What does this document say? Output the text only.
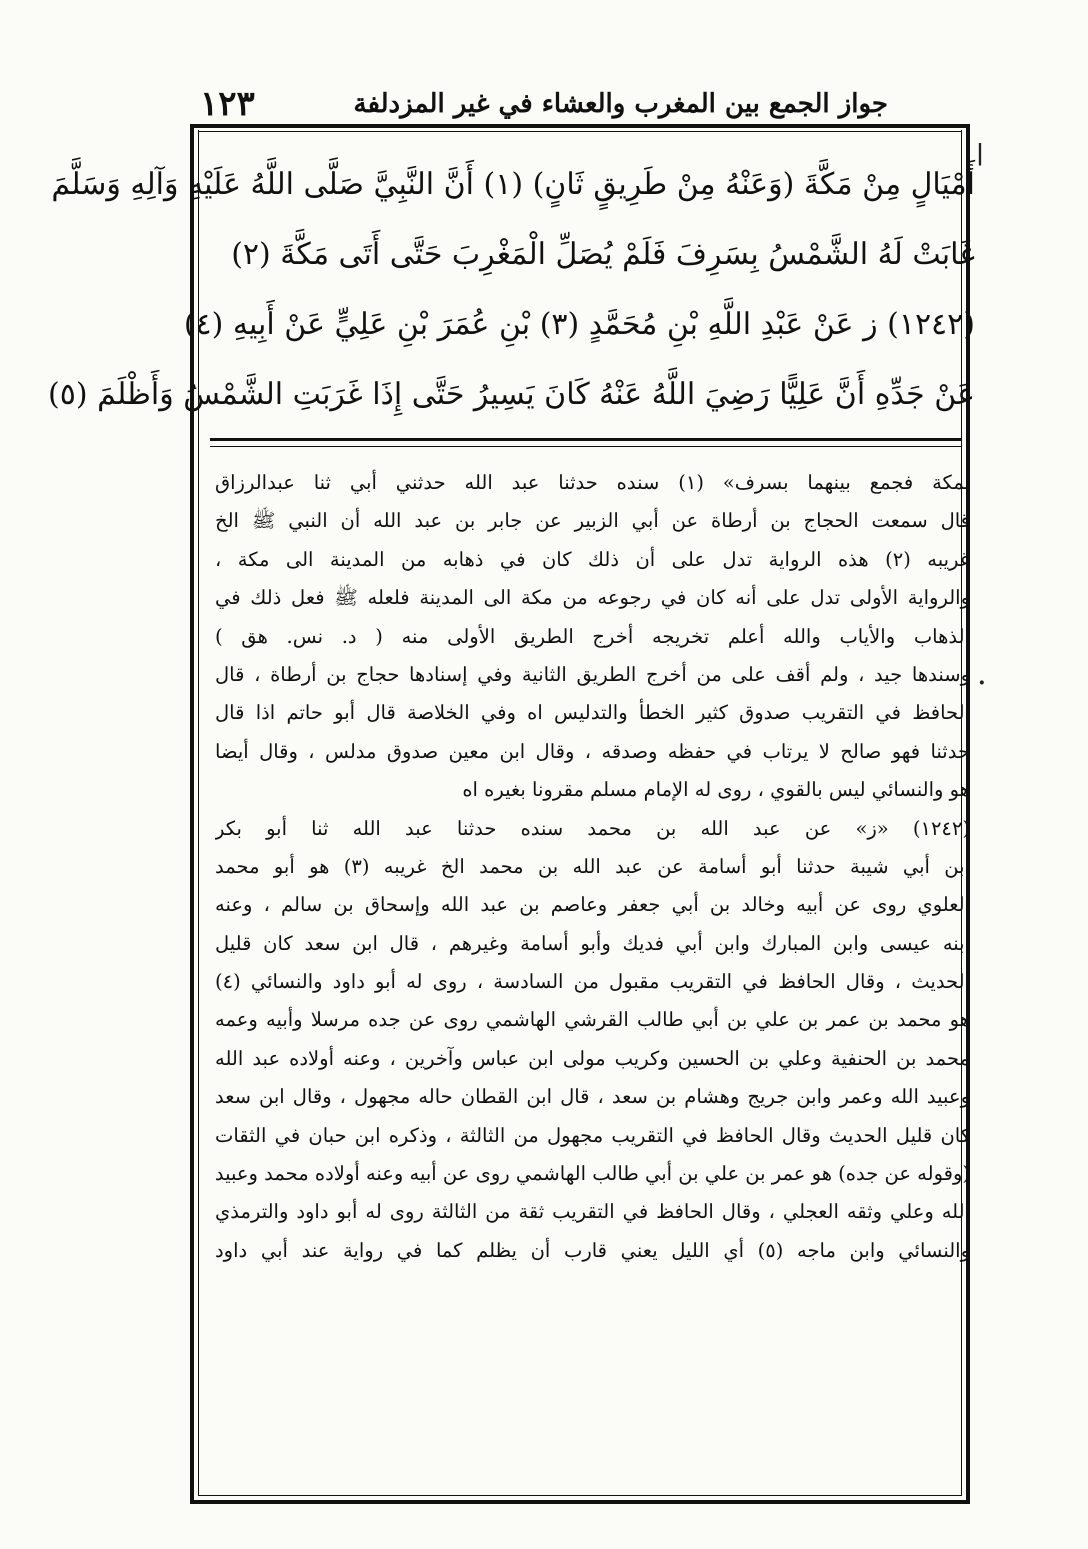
جواز الجمع بين المغرب والعشاء في غير المزدلفة
١٢٣
|
·
أَمْيَالٍ مِنْ مَكَّةَ (وَعَنْهُ مِنْ طَرِيقٍ ثَانٍ) (١) أَنَّ النَّبِيَّ صَلَّى اللَّهُ عَلَيْهِ وَآلِهِ وَسَلَّمَ
غَابَتْ لَهُ الشَّمْسُ بِسَرِفَ فَلَمْ يُصَلِّ الْمَغْرِبَ حَتَّى أَتَى مَكَّةَ (٢)
(١٢٤٢) ز عَنْ عَبْدِ اللَّهِ بْنِ مُحَمَّدٍ (٣) بْنِ عُمَرَ بْنِ عَلِيٍّ عَنْ أَبِيهِ (٤)
عَنْ جَدِّهِ أَنَّ عَلِيًّا رَضِيَ اللَّهُ عَنْهُ كَانَ يَسِيرُ حَتَّى إِذَا غَرَبَتِ الشَّمْسُ وَأَظْلَمَ (٥)
بمكة فجمع بينهما بسرف» (١) سنده حدثنا عبد الله حدثني أبي ثنا عبدالرزاق
قال سمعت الحجاج بن أرطاة عن أبي الزبير عن جابر بن عبد الله أن النبي ﷺ الخ
غريبه (٢) هذه الرواية تدل على أن ذلك كان في ذهابه من المدينة الى مكة ،
والرواية الأولى تدل على أنه كان في رجوعه من مكة الى المدينة فلعله ﷺ فعل ذلك في
الذهاب والأياب والله أعلم تخريجه أخرج الطريق الأولى منه ( د. نس. هق )
وسندها جيد ، ولم أقف على من أخرج الطريق الثانية وفي إسنادها حجاج بن أرطاة ، قال
الحافظ في التقريب صدوق كثير الخطأ والتدليس اه وفي الخلاصة قال أبو حاتم اذا قال
حدثنا فهو صالح لا يرتاب في حفظه وصدقه ، وقال ابن معين صدوق مدلس ، وقال أيضا
هو والنسائي ليس بالقوي ، روى له الإمام مسلم مقرونا بغيره اه
(١٢٤٢) «ز» عن عبد الله بن محمد سنده حدثنا عبد الله ثنا أبو بكر
ابن أبي شيبة حدثنا أبو أسامة عن عبد الله بن محمد الخ غريبه (٣) هو أبو محمد
العلوي روى عن أبيه وخالد بن أبي جعفر وعاصم بن عبد الله وإسحاق بن سالم ، وعنه
ابنه عيسى وابن المبارك وابن أبي فديك وأبو أسامة وغيرهم ، قال ابن سعد كان قليل
الحديث ، وقال الحافظ في التقريب مقبول من السادسة ، روى له أبو داود والنسائي (٤)
هو محمد بن عمر بن علي بن أبي طالب القرشي الهاشمي روى عن جده مرسلا وأبيه وعمه
محمد بن الحنفية وعلي بن الحسين وكريب مولى ابن عباس وآخرين ، وعنه أولاده عبد الله
وعبيد الله وعمر وابن جريج وهشام بن سعد ، قال ابن القطان حاله مجهول ، وقال ابن سعد
كان قليل الحديث وقال الحافظ في التقريب مجهول من الثالثة ، وذكره ابن حبان في الثقات
(وقوله عن جده) هو عمر بن علي بن أبي طالب الهاشمي روى عن أبيه وعنه أولاده محمد وعبيد
الله وعلي وثقه العجلي ، وقال الحافظ في التقريب ثقة من الثالثة روى له أبو داود والترمذي
والنسائي وابن ماجه (٥) أي الليل يعني قارب أن يظلم كما في رواية عند أبي داود
